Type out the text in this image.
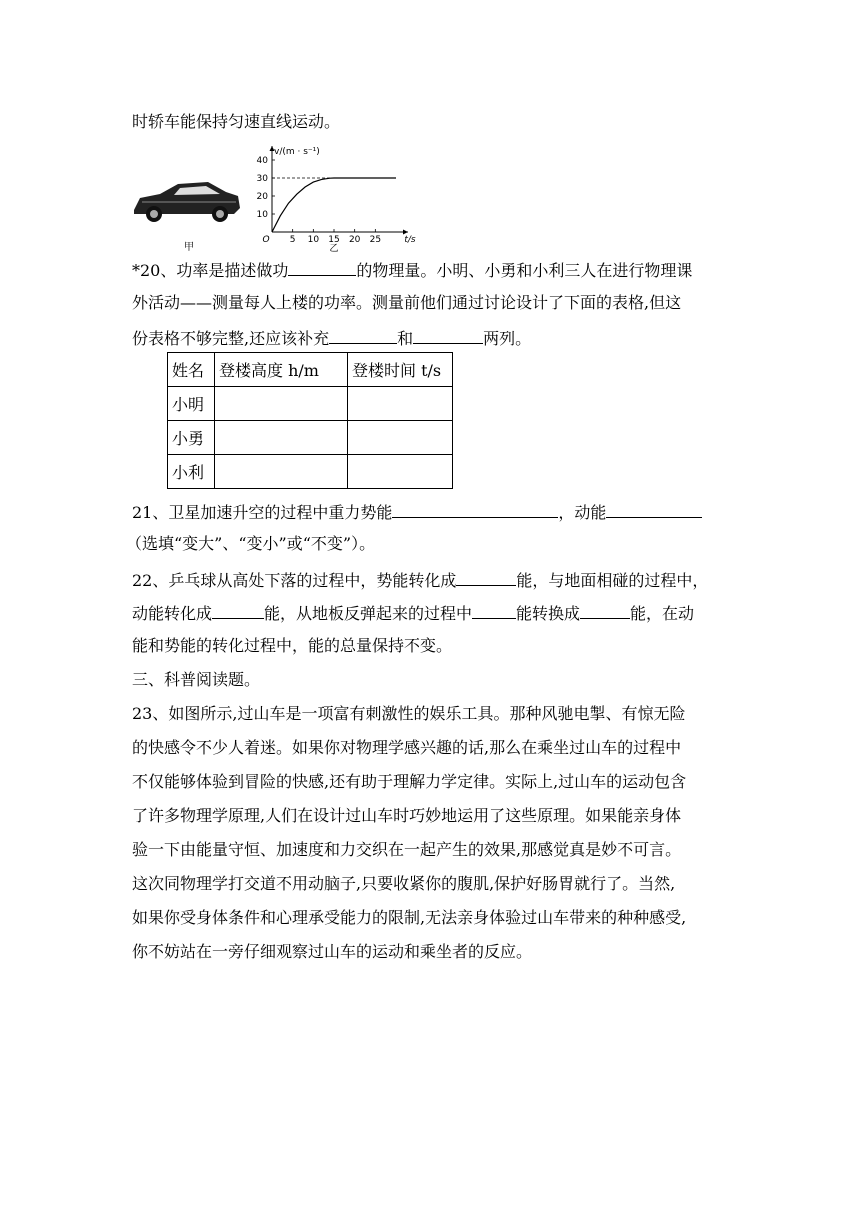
时轿车能保持匀速直线运动。
5 10 15 20 25
10
20
30
40
O	t/s
v/(m · s⁻¹)
乙
甲
*20、功率是描述做功	的物理量。小明、小勇和小利三人在进行物理课
外活动——测量每人上楼的功率。测量前他们通过讨论设计了下面的表格,但这
份表格不够完整,还应该补充	和	两列。
姓名	登楼高度 h/m	登楼时间 t/s
小明		
小勇		
小利		
21、卫星加速升空的过程中重力势能	，动能
（选填“变大”、“变小”或“不变”）。
22、乒乓球从高处下落的过程中，势能转化成	能，与地面相碰的过程中，
动能转化成	能，从地板反弹起来的过程中	能转换成	能，在动
能和势能的转化过程中，能的总量保持不变。
三、科普阅读题。
23、如图所示,过山车是一项富有刺激性的娱乐工具。那种风驰电掣、有惊无险
的快感令不少人着迷。如果你对物理学感兴趣的话,那么在乘坐过山车的过程中
不仅能够体验到冒险的快感,还有助于理解力学定律。实际上,过山车的运动包含
了许多物理学原理,人们在设计过山车时巧妙地运用了这些原理。如果能亲身体
验一下由能量守恒、加速度和力交织在一起产生的效果,那感觉真是妙不可言。
这次同物理学打交道不用动脑子,只要收紧你的腹肌,保护好肠胃就行了。当然,
如果你受身体条件和心理承受能力的限制,无法亲身体验过山车带来的种种感受,
你不妨站在一旁仔细观察过山车的运动和乘坐者的反应。
